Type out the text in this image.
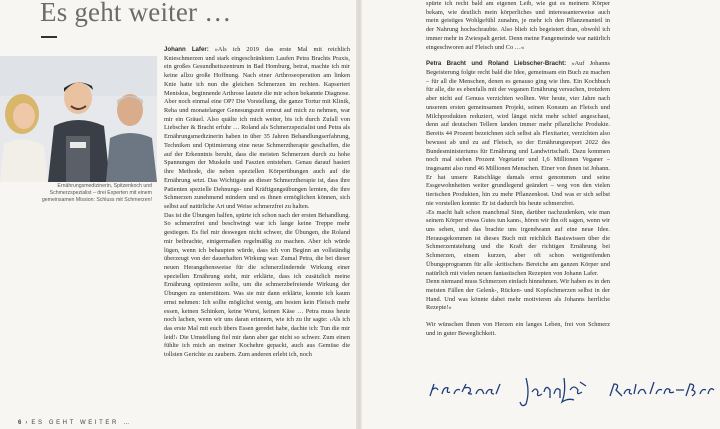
Es geht weiter …
Ernährungsmedizinerin, Spitzenkoch und
Schmerzspezialist – drei Experten mit einem
gemeinsamen Mission: Schluss mit Schmerzen!

Johann Lafer: »Als ich 2019 das erste Mal mit reichlich Knieschmerzen und stark eingeschränktem Laufen Petra Brachts Praxis, ein großes Gesundheitszentrum in Bad Homburg, betrat, machte ich mir keine allzu große Hoffnung. Nach einer Arthroseoperation am linken Knie hatte ich nun die gleichen Schmerzen im rechten. Kapseriert Meniskus, beginnende Arthrose lautete die mir schon bekannte Diagnose. Aber noch einmal eine OP? Die Vorstellung, die ganze Tortur mit Klinik, Reha und monatelanger Genesungszeit erneut auf mich zu nehmen, war mir ein Gräuel. Also quälte ich mich weiter, bis ich durch Zufall von Liebscher & Bracht erfuhr … Roland als Schmerzspezialist und Petra als Ernährungsmedizinerin haben in über 35 Jahren Behandlungserfahrung, Techniken und Optimierung eine neue Schmerztherapie geschaffen, die auf der Erkenntnis beruht, dass die meisten Schmerzen durch zu hohe Spannungen der Muskeln und Faszien entstehen. Genau darauf basiert ihre Methode, die neben speziellen Körperübungen auch auf die Ernährung setzt. Das Wichtigste an dieser Schmerztherapie ist, dass ihre Patienten spezielle Dehnungs- und Kräftigungsübungen lernten, die ihre Schmerzen zunehmend mindern und es ihnen ermöglichen können, sich selbst auf natürliche Art und Weise schmerzfrei zu halten.

Das ist die Übungen halfen, spürte ich schon nach der ersten Behandlung. So schmerzfrei und beschwingt war ich lange keine Treppe mehr gestiegen. Es fiel mir deswegen nicht schwer, die Übungen, die Roland mir beibrachte, einigermaßen regelmäßig zu machen. Aber ich würde lügen, wenn ich behaupten würde, dass ich von Beginn an vollständig überzeugt von der dauerhaften Wirkung war. Zumal Petra, die bei dieser neuen Herangehensweise für die schmerzlindernde Wirkung einer speziellen Ernährung steht, mir erklärte, dass ich zusätzlich meine Ernährung optimieren sollte, um die schmerzbefreiende Wirkung der Übungen zu unterstützen. Was sie mir dann erklärte, konnte ich kaum ernst nehmen: Ich sollte möglichst wenig, am besten kein Fleisch mehr essen, keinen Schinken, keine Wurst, keinen Käse … Petra muss heute noch lachen, wenn wir uns daran erinnern, wie ich zu ihr sagte: ›Als ich das erste Mal mit euch übers Essen geredet habe, dachte ich: Tun die mir leid!‹ Die Umstellung fiel mir dann aber gar nicht so schwer. Zum einen fühlte ich mich an meiner Kochehre gepackt, auch aus Gemüse die tollsten Gerichte zu zaubern. Zum anderen erlebt ich, noch

spürte ich recht bald am eigenen Leib, wie gut es meinem Körper bekam, wie deutlich mein körperliches und interessanterweise auch mein geistiges Wohlgefühl zunahm, je mehr ich den Pflanzenanteil in der Nahrung hochschraubte. Also blieb ich begeistert dran, obwohl ich immer mehr in Zwiespalt geriet. Denn meine Fangemeinde war natürlich eingeschworen auf Fleisch und Co …«

Petra Bracht und Roland Liebscher-Bracht: »Auf Johanns Begeisterung folgte recht bald die Idee, gemeinsam ein Buch zu machen – für all die Menschen, denen es genauso ging wie ihm. Ein Kochbuch für alle, die es ebenfalls mit der veganen Ernährung versuchen, trotzdem aber nicht auf Genuss verzichten wollten. Wer heute, vier Jahre nach unserem ersten gemeinsamen Projekt, seinen Konsum an Fleisch und Milchprodukten reduziert, wird längst nicht mehr schief angeschaut, denn auf deutschen Tellern landen immer mehr pflanzliche Produkte. Bereits 44 Prozent bezeichnen sich selbst als Flexitarier, verzichten also bewusst ab und zu auf Fleisch, so der Ernährungsreport 2022 des Bundesministeriums für Ernährung und Landwirtschaft. Dazu kommen noch mal sieben Prozent Vegetarier und 1,6 Millionen Veganer – insgesamt also rund 46 Millionen Menschen. Einer von ihnen ist Johann. Er hat unsere Ratschläge damals ernst genommen und seine Essgewohnheiten weiter grundlegend geändert – weg von den vielen tierischen Produkten, hin zu mehr Pflanzenkost. Und was er sich selbst nie vorstellen konnte: Er ist dadurch bis heute schmerzfrei.

›Es macht halt schon manchmal Sinn, darüber nachzudenken, wie man seinem Körper etwas Gutes tun kann‹, hören wir ihn oft sagen, wenn wir uns sehen, und das brachte uns irgendwann auf eine neue Idee. Herausgekommen ist dieses Buch mit reichlich Basiswissen über die Schmerzentstehung und die Kraft der richtigen Ernährung bei Schmerzen, einem kurzen, aber oft schon weitgreifenden Übungsprogramm für alle ›kritischen‹ Bereiche am ganzen Körper und natürlich mit vielen neuen fantastischen Rezepten von Johann Lafer.

Denn niemand muss Schmerzen einfach hinnehmen. Wir haben es in den meisten Fällen der Gelenk-, Rücken- und Kopfschmerzen selbst in der Hand. Und was könnte dabei mehr motivieren als Johanns herrliche Rezepte!«

Wir wünschen Ihnen von Herzen ein langes Leben, frei von Schmerz und in guter Beweglichkeit.

6 › ES GEHT WEITER …
